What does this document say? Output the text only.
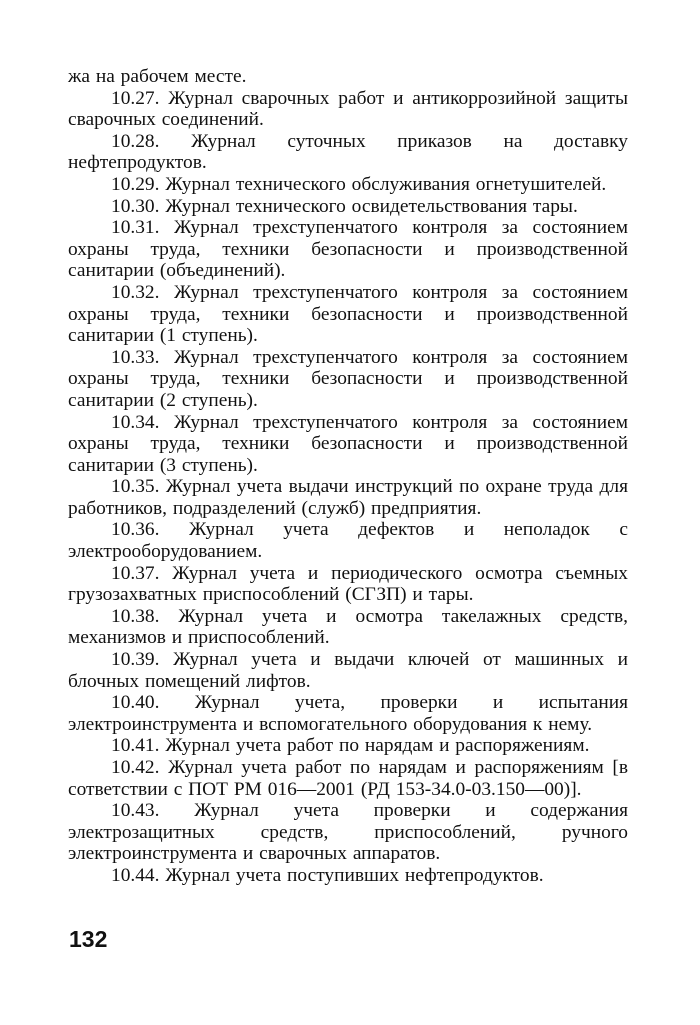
жа на рабочем месте.

10.27. Журнал сварочных работ и антикоррозийной защиты сварочных соединений.

10.28. Журнал суточных приказов на доставку нефтепродуктов.

10.29. Журнал технического обслуживания огнетушителей.

10.30. Журнал технического освидетельствования тары.

10.31. Журнал трехступенчатого контроля за состоянием охраны труда, техники безопасности и производственной санитарии (объединений).

10.32. Журнал трехступенчатого контроля за состоянием охраны труда, техники безопасности и производственной санитарии (1 ступень).

10.33. Журнал трехступенчатого контроля за состоянием охраны труда, техники безопасности и производственной санитарии (2 ступень).

10.34. Журнал трехступенчатого контроля за состоянием охраны труда, техники безопасности и производственной санитарии (3 ступень).

10.35. Журнал учета выдачи инструкций по охране труда для работников, подразделений (служб) предприятия.

10.36. Журнал учета дефектов и неполадок с электрооборудованием.

10.37. Журнал учета и периодического осмотра съемных грузозахватных приспособлений (СГЗП) и тары.

10.38. Журнал учета и осмотра такелажных средств, механизмов и приспособлений.

10.39. Журнал учета и выдачи ключей от машинных и блочных помещений лифтов.

10.40. Журнал учета, проверки и испытания электроинструмента и вспомогательного оборудования к нему.

10.41. Журнал учета работ по нарядам и распоряжениям.

10.42. Журнал учета работ по нарядам и распоряжениям [в сответствии с ПОТ РМ 016—2001 (РД 153-34.0-03.150—00)].

10.43. Журнал учета проверки и содержания электрозащитных средств, приспособлений, ручного электроинструмента и сварочных аппаратов.

10.44. Журнал учета поступивших нефтепродуктов.

132
